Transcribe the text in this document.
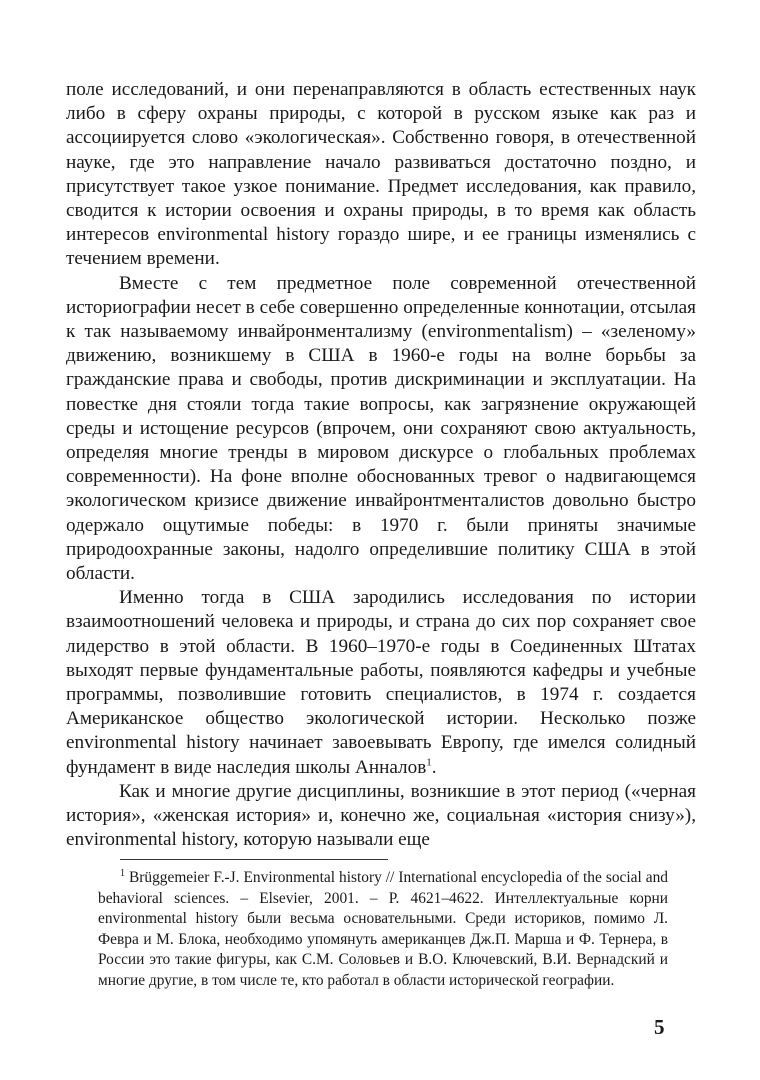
поле исследований, и они перенаправляются в область естественных наук либо в сферу охраны природы, с которой в русском языке как раз и ассоциируется слово «экологическая». Собственно говоря, в отечественной науке, где это направление начало развиваться достаточно поздно, и присутствует такое узкое понимание. Предмет исследования, как правило, сводится к истории освоения и охраны природы, в то время как область интересов environmental history гораздо шире, и ее границы изменялись с течением времени.

Вместе с тем предметное поле современной отечественной историографии несет в себе совершенно определенные коннотации, отсылая к так называемому инвайронментализму (environmentalism) – «зеленому» движению, возникшему в США в 1960-е годы на волне борьбы за гражданские права и свободы, против дискриминации и эксплуатации. На повестке дня стояли тогда такие вопросы, как загрязнение окружающей среды и истощение ресурсов (впрочем, они сохраняют свою актуальность, определяя многие тренды в мировом дискурсе о глобальных проблемах современности). На фоне вполне обоснованных тревог о надвигающемся экологическом кризисе движение инвайронтменталистов довольно быстро одержало ощутимые победы: в 1970 г. были приняты значимые природоохранные законы, надолго определившие политику США в этой области.

Именно тогда в США зародились исследования по истории взаимоотношений человека и природы, и страна до сих пор сохраняет свое лидерство в этой области. В 1960–1970-е годы в Соединенных Штатах выходят первые фундаментальные работы, появляются кафедры и учебные программы, позволившие готовить специалистов, в 1974 г. создается Американское общество экологической истории. Несколько позже environmental history начинает завоевывать Европу, где имелся солидный фундамент в виде наследия школы Анналов$^1$.

Как и многие другие дисциплины, возникшие в этот период («черная история», «женская история» и, конечно же, социальная «история снизу»), environmental history, которую называли еще

$^1$ Brüggemeier F.-J. Environmental history // International encyclopedia of the social and behavioral sciences. – Elsevier, 2001. – P. 4621–4622. Интеллектуальные корни environmental history были весьма основательными. Среди историков, помимо Л. Февра и М. Блока, необходимо упомянуть американцев Дж.П. Марша и Ф. Тернера, в России это такие фигуры, как С.М. Соловьев и В.О. Ключевский, В.И. Вернадский и многие другие, в том числе те, кто работал в области исторической географии.

5
